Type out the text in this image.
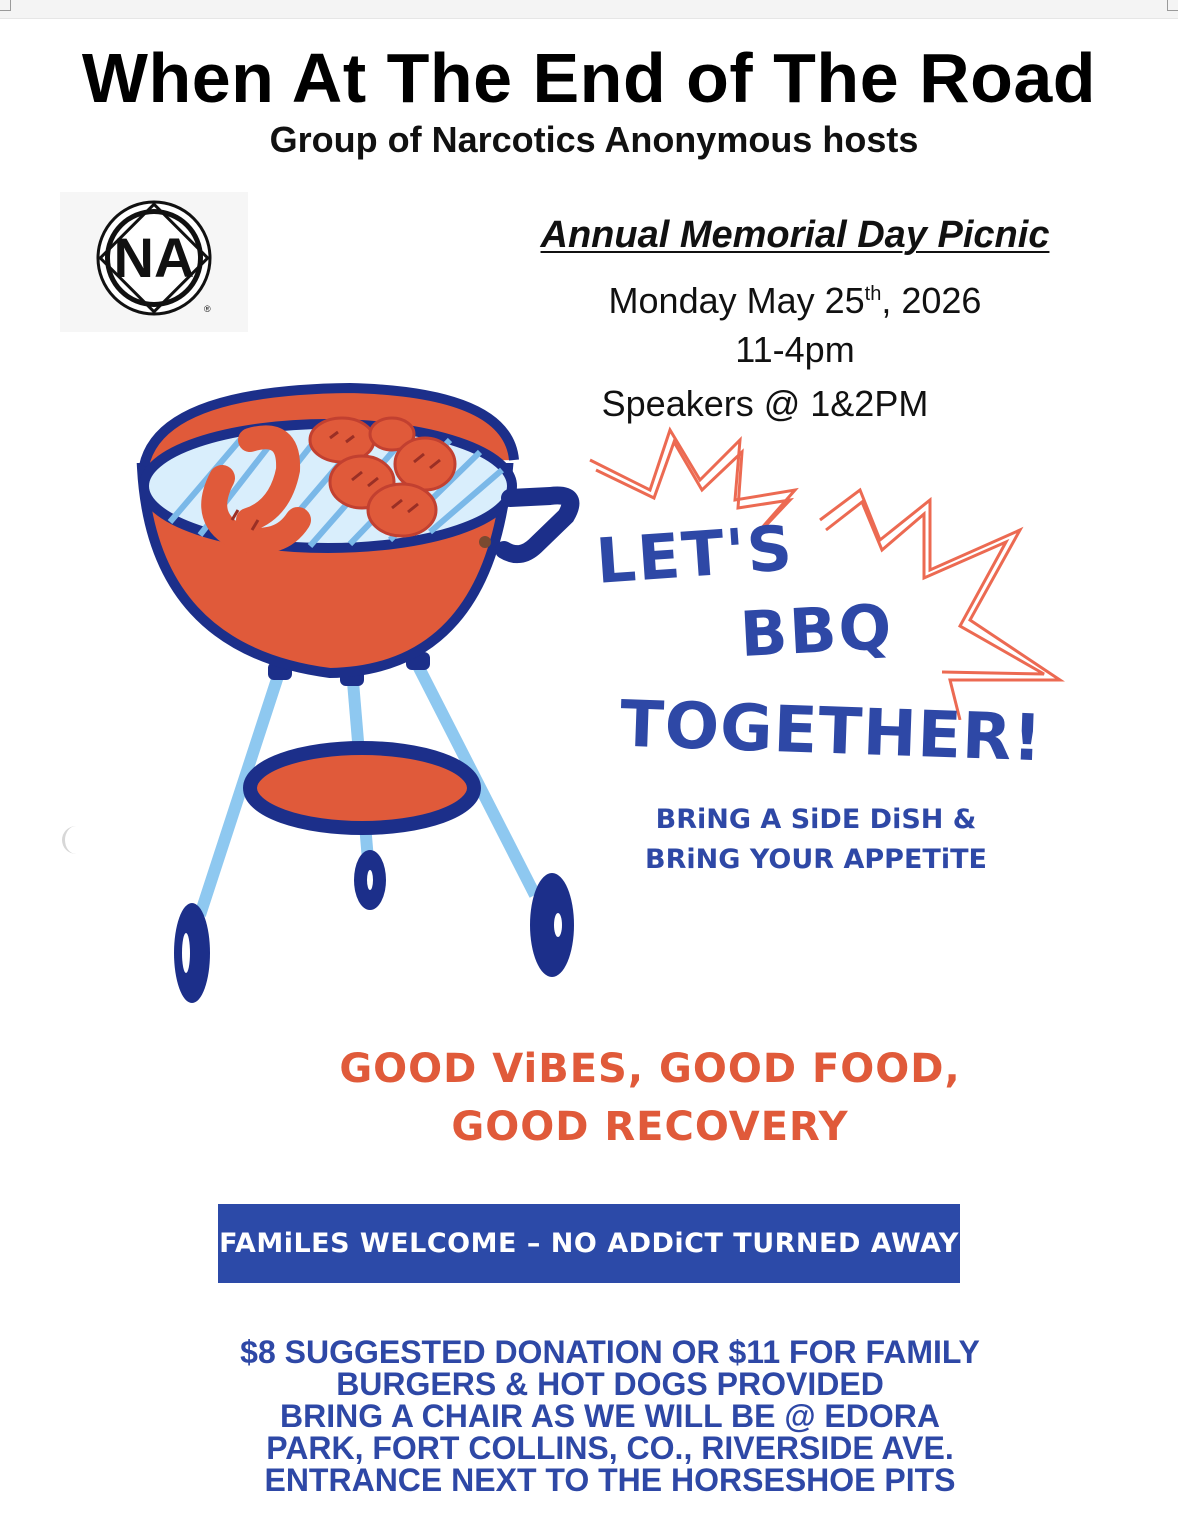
When At The End of The Road
Group of Narcotics Anonymous hosts
NA
®
Annual Memorial Day Picnic
Monday May 25th, 2026
11-4pm
Speakers @ 1&2PM
LET'S
BBQ
TOGETHER!
BRiNG A SiDE DiSH &
BRiNG YOUR APPETiTE
GOOD ViBES, GOOD FOOD,
GOOD RECOVERY
FAMiLES WELCOME – NO ADDiCT TURNED AWAY
$8 SUGGESTED DONATION OR $11 FOR FAMILY
BURGERS & HOT DOGS PROVIDED
BRING A CHAIR AS WE WILL BE @ EDORA
PARK, FORT COLLINS, CO., RIVERSIDE AVE.
ENTRANCE NEXT TO THE HORSESHOE PITS
